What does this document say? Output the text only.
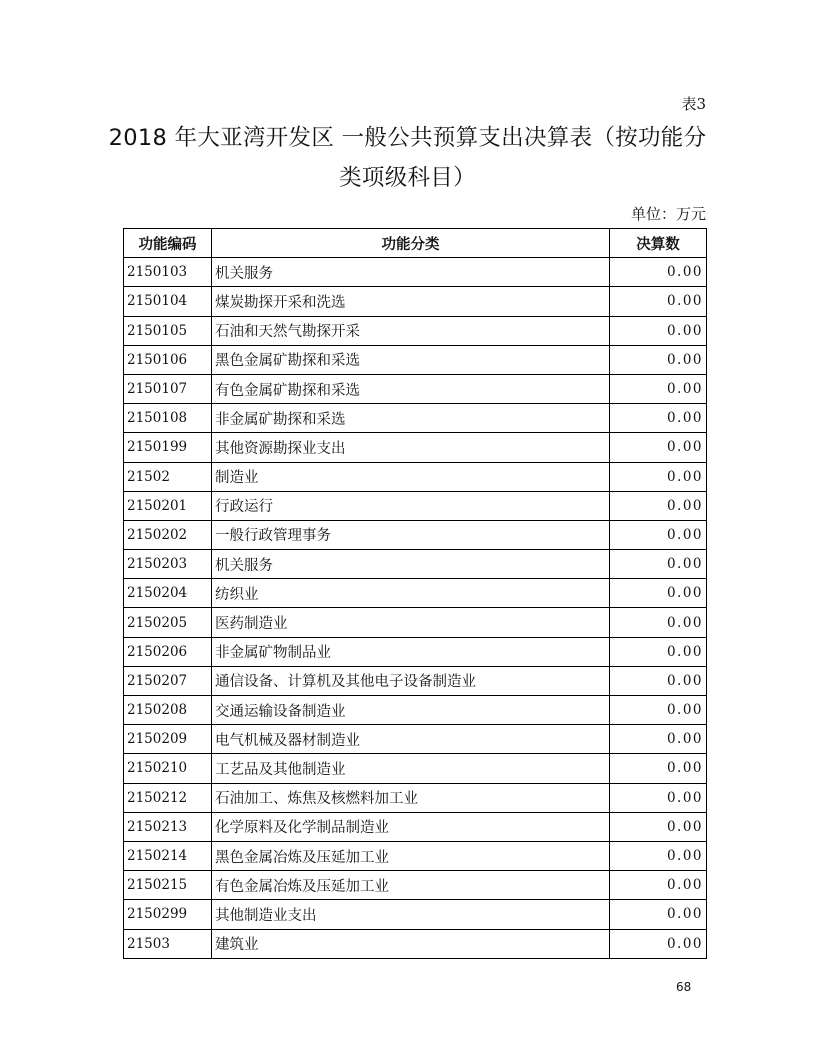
表3
2018 年大亚湾开发区 一般公共预算支出决算表（按功能分类项级科目）
单位：万元
功能编码	功能分类	决算数
2150103	机关服务	0.00
2150104	煤炭勘探开采和洗选	0.00
2150105	石油和天然气勘探开采	0.00
2150106	黑色金属矿勘探和采选	0.00
2150107	有色金属矿勘探和采选	0.00
2150108	非金属矿勘探和采选	0.00
2150199	其他资源勘探业支出	0.00
21502	制造业	0.00
2150201	行政运行	0.00
2150202	一般行政管理事务	0.00
2150203	机关服务	0.00
2150204	纺织业	0.00
2150205	医药制造业	0.00
2150206	非金属矿物制品业	0.00
2150207	通信设备、计算机及其他电子设备制造业	0.00
2150208	交通运输设备制造业	0.00
2150209	电气机械及器材制造业	0.00
2150210	工艺品及其他制造业	0.00
2150212	石油加工、炼焦及核燃料加工业	0.00
2150213	化学原料及化学制品制造业	0.00
2150214	黑色金属冶炼及压延加工业	0.00
2150215	有色金属冶炼及压延加工业	0.00
2150299	其他制造业支出	0.00
21503	建筑业	0.00
68
